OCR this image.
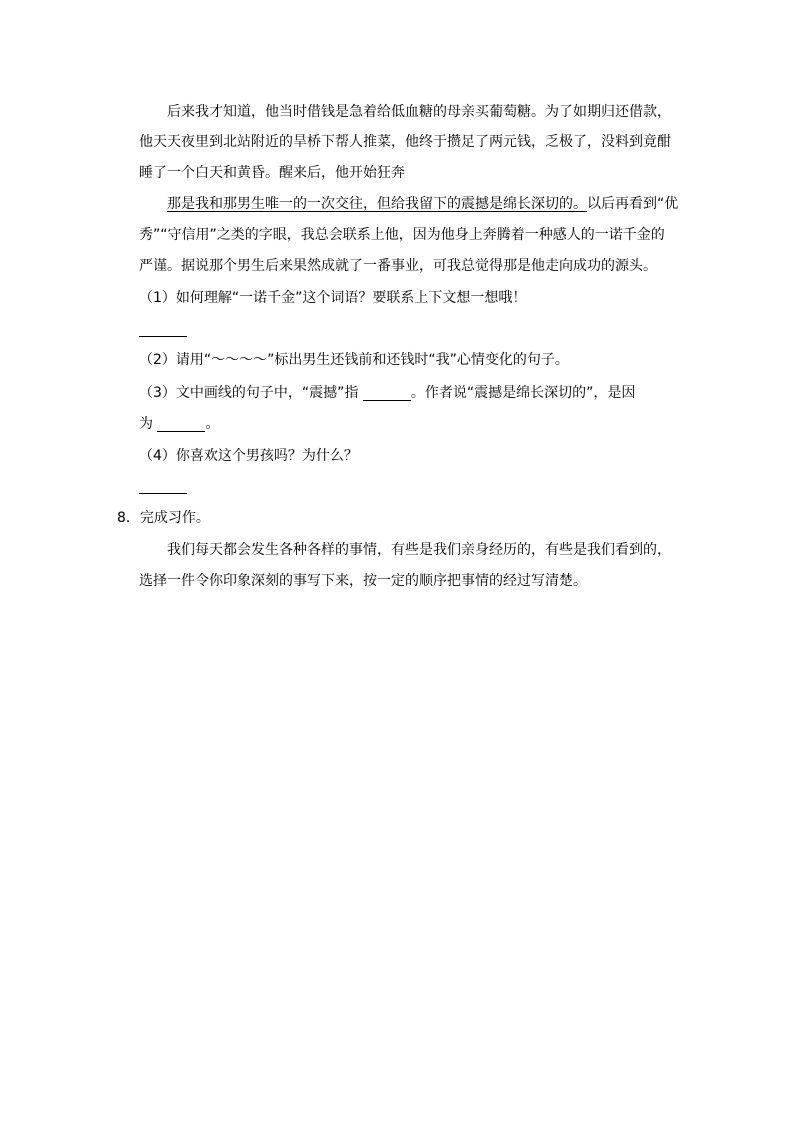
后来我才知道，他当时借钱是急着给低血糖的母亲买葡萄糖。为了如期归还借款，
他天天夜里到北站附近的旱桥下帮人推菜，他终于攒足了两元钱，乏极了，没料到竟酣
睡了一个白天和黄昏。醒来后，他开始狂奔
那是我和那男生唯一的一次交往，但给我留下的震撼是绵长深切的。以后再看到“优
秀”“守信用”之类的字眼，我总会联系上他，因为他身上奔腾着一种感人的一诺千金的
严谨。据说那个男生后来果然成就了一番事业，可我总觉得那是他走向成功的源头。
（1）如何理解“一诺千金”这个词语？要联系上下文想一想哦！
（2）请用“～～～～”标出男生还钱前和还钱时“我”心情变化的句子。
（3）文中画线的句子中，“震撼”指	。作者说“震撼是绵长深切的”，是因
为	。
（4）你喜欢这个男孩吗？为什么？
8．完成习作。
我们每天都会发生各种各样的事情，有些是我们亲身经历的，有些是我们看到的，
选择一件令你印象深刻的事写下来，按一定的顺序把事情的经过写清楚。
